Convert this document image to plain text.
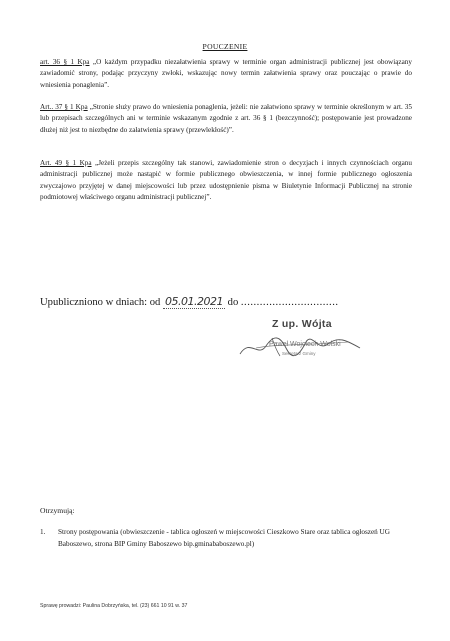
POUCZENIE
art. 36 § 1 Kpa „O każdym przypadku niezałatwienia sprawy w terminie organ administracji publicznej jest obowiązany zawiadomić strony, podając przyczyny zwłoki, wskazując nowy termin załatwienia sprawy oraz pouczając o prawie do wniesienia ponaglenia”.
Art.. 37 § 1 Kpa „Stronie służy prawo do wniesienia ponaglenia, jeżeli: nie załatwiono sprawy w terminie określonym w art. 35 lub przepisach szczególnych ani w terminie wskazanym zgodnie z art. 36 § 1 (bezczynność); postępowanie jest prowadzone dłużej niż jest to niezbędne do załatwienia sprawy (przewlekłość)”.
Art. 49 § 1 Kpa „Jeżeli przepis szczególny tak stanowi, zawiadomienie stron o decyzjach i innych czynnościach organu administracji publicznej może nastąpić w formie publicznego obwieszczenia, w innej formie publicznego ogłoszenia zwyczajowo przyjętej w danej miejscowości lub przez udostępnienie pisma w Biuletynie Informacji Publicznej na stronie podmiotowej właściwego organu administracji publicznej”.
Upubliczniono w dniach: od 05.01.2021 do ...............................
Z up. Wójta
Paweł Wojciech Wolski
Sekretarz Gminy
Otrzymują:
1.	Strony postępowania (obwieszczenie - tablica ogłoszeń w miejscowości Cieszkowo Stare oraz tablica ogłoszeń UG Baboszewo, strona BIP Gminy Baboszewo bip.gminababoszewo.pl)
Sprawę prowadzi: Paulina Dobrzyńska, tel. (23) 661 10 91 w. 37
